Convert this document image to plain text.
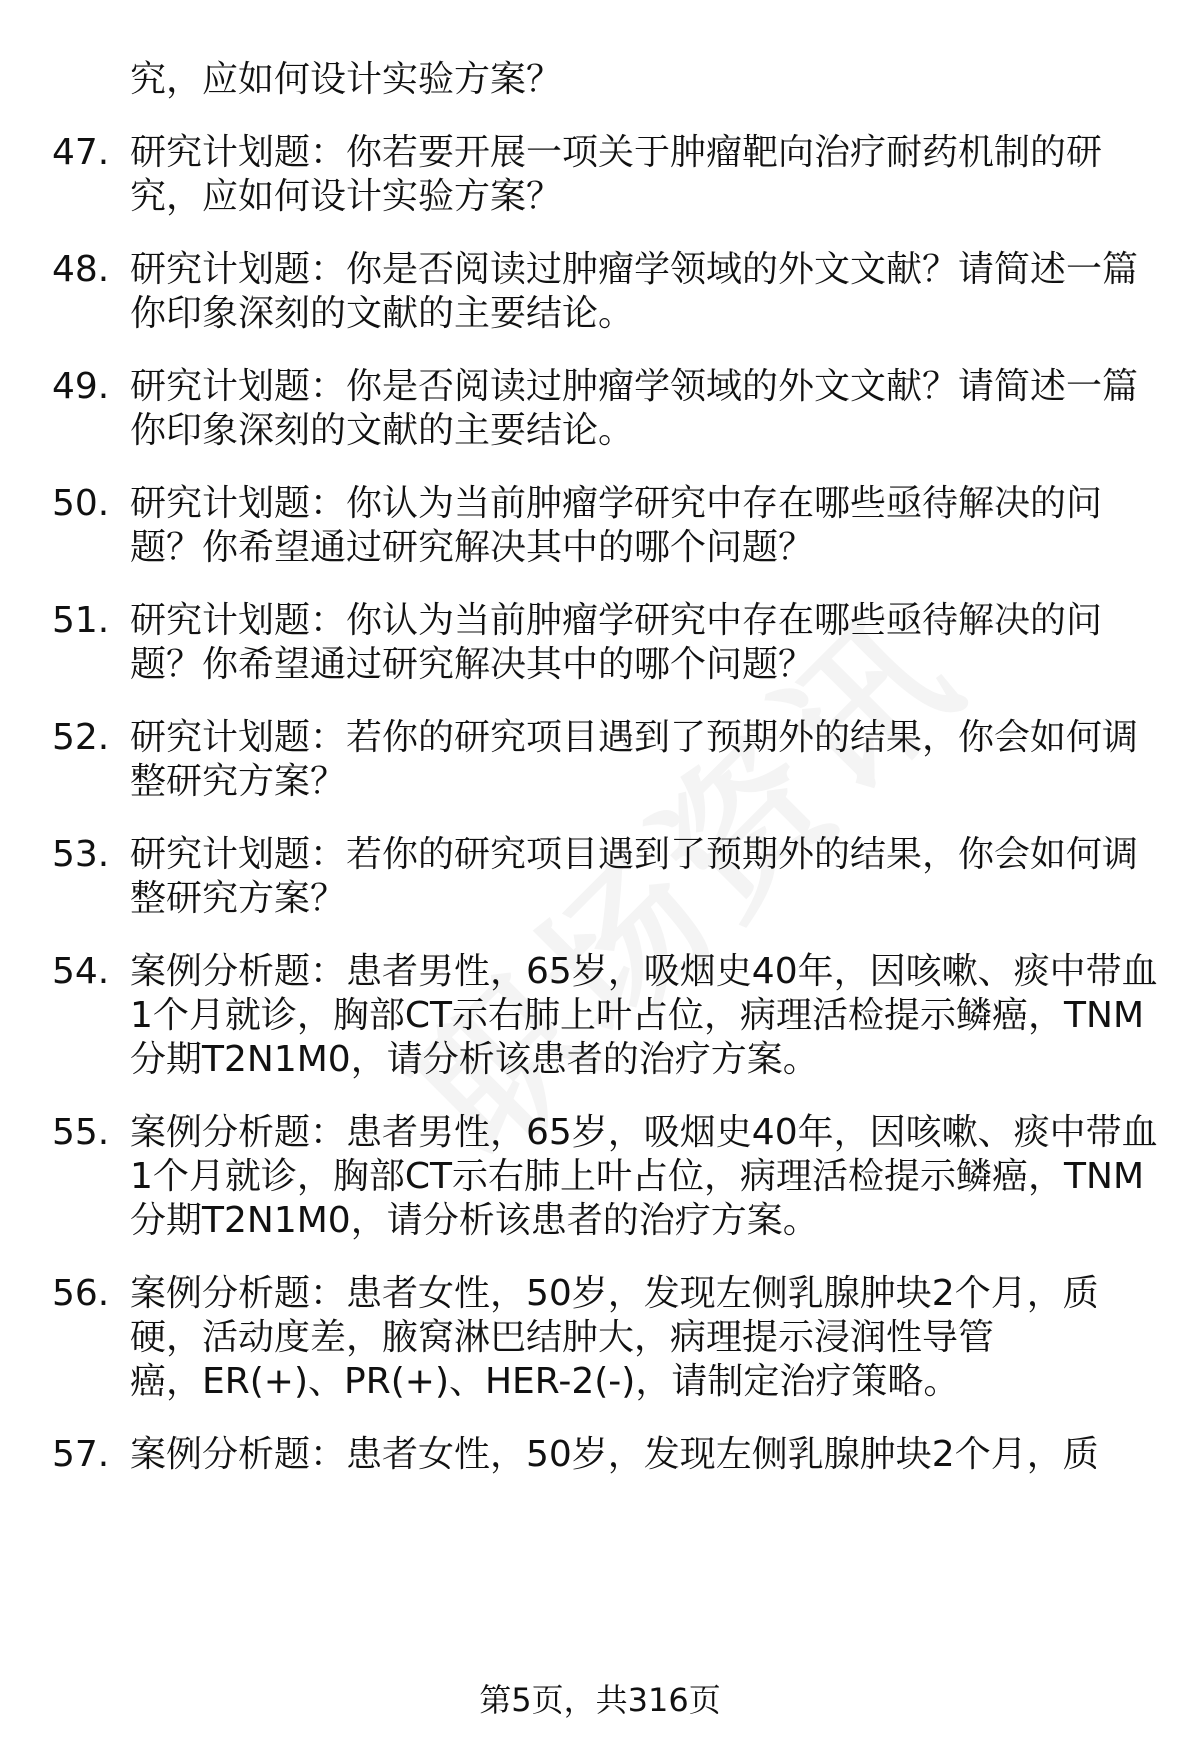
究，应如何设计实验方案？
47. 研究计划题：你若要开展一项关于肿瘤靶向治疗耐药机制的研
究，应如何设计实验方案？
48. 研究计划题：你是否阅读过肿瘤学领域的外文文献？请简述一篇
你印象深刻的文献的主要结论。
49. 研究计划题：你是否阅读过肿瘤学领域的外文文献？请简述一篇
你印象深刻的文献的主要结论。
50. 研究计划题：你认为当前肿瘤学研究中存在哪些亟待解决的问
题？你希望通过研究解决其中的哪个问题？
51. 研究计划题：你认为当前肿瘤学研究中存在哪些亟待解决的问
题？你希望通过研究解决其中的哪个问题？
52. 研究计划题：若你的研究项目遇到了预期外的结果，你会如何调
整研究方案？
53. 研究计划题：若你的研究项目遇到了预期外的结果，你会如何调
整研究方案？
54. 案例分析题：患者男性，65岁，吸烟史40年，因咳嗽、痰中带血
1个月就诊，胸部CT示右肺上叶占位，病理活检提示鳞癌，TNM
分期T2N1M0，请分析该患者的治疗方案。
55. 案例分析题：患者男性，65岁，吸烟史40年，因咳嗽、痰中带血
1个月就诊，胸部CT示右肺上叶占位，病理活检提示鳞癌，TNM
分期T2N1M0，请分析该患者的治疗方案。
56. 案例分析题：患者女性，50岁，发现左侧乳腺肿块2个月，质
硬，活动度差，腋窝淋巴结肿大，病理提示浸润性导管
癌，ER(+)、PR(+)、HER-2(-)，请制定治疗策略。
57. 案例分析题：患者女性，50岁，发现左侧乳腺肿块2个月，质
第5页，共316页
